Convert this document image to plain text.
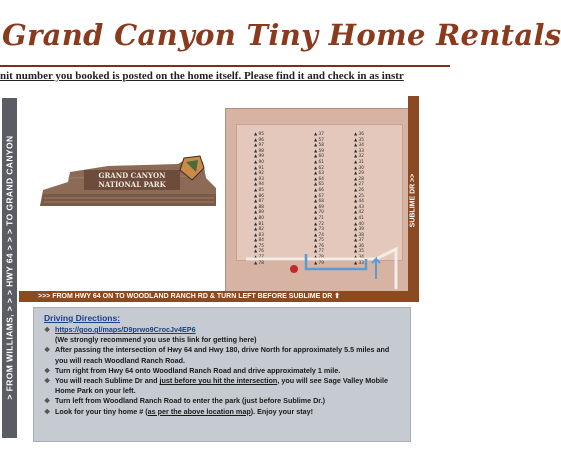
Grand Canyon Tiny Home Rentals
nit number you booked is posted on the home itself. Please find it and check in as instr
> FROM WILLIAMS, > > > HWY 64 > > > TO GRAND CANYON	GRAND CANYON
NATIONAL PARK
▲ 95
▲ 96
▲ 97
▲ 98
▲ 99
▲ 90
▲ 91
▲ 92
▲ 93
▲ 94
▲ 85
▲ 86
▲ 87
▲ 88
▲ 89
▲ 80
▲ 81
▲ 82
▲ 83
▲ 84
▲ 75
▲ 76
▲ 77
▲ 78
▲ 37
▲ 57
▲ 58
▲ 59
▲ 60
▲ 61
▲ 62
▲ 63
▲ 64
▲ 65
▲ 66
▲ 67
▲ 68
▲ 69
▲ 70
▲ 71
▲ 72
▲ 73
▲ 74
▲ 75
▲ 76
▲ 77
▲ 78
▲ 79
▲ 36
▲ 35
▲ 34
▲ 33
▲ 32
▲ 31
▲ 30
▲ 29
▲ 28
▲ 27
▲ 26
▲ 25
▲ 44
▲ 43
▲ 42
▲ 41
▲ 40
▲ 39
▲ 38
▲ 37
▲ 36
▲ 35
▲ 34
▲ 33
>>> FROM HWY 64 ON TO WOODLAND RANCH RD & TURN LEFT BEFORE SUBLIME DR ⬆
SUBLIME DR >>
Driving Directions:
❖ https://goo.gl/maps/D9prwo9CrocJv4EP6
(We strongly recommend you use this link for getting here)
❖ After passing the intersection of Hwy 64 and Hwy 180, drive North for approximately 5.5 miles and you will reach Woodland Ranch Road.
❖ Turn right from Hwy 64 onto Woodland Ranch Road and drive approximately 1 mile.
❖ You will reach Sublime Dr and just before you hit the intersection, you will see Sage Valley Mobile Home Park on your left.
❖ Turn left from Woodland Ranch Road to enter the park (just before Sublime Dr.)
❖ Look for your tiny home # (as per the above location map). Enjoy your stay!
